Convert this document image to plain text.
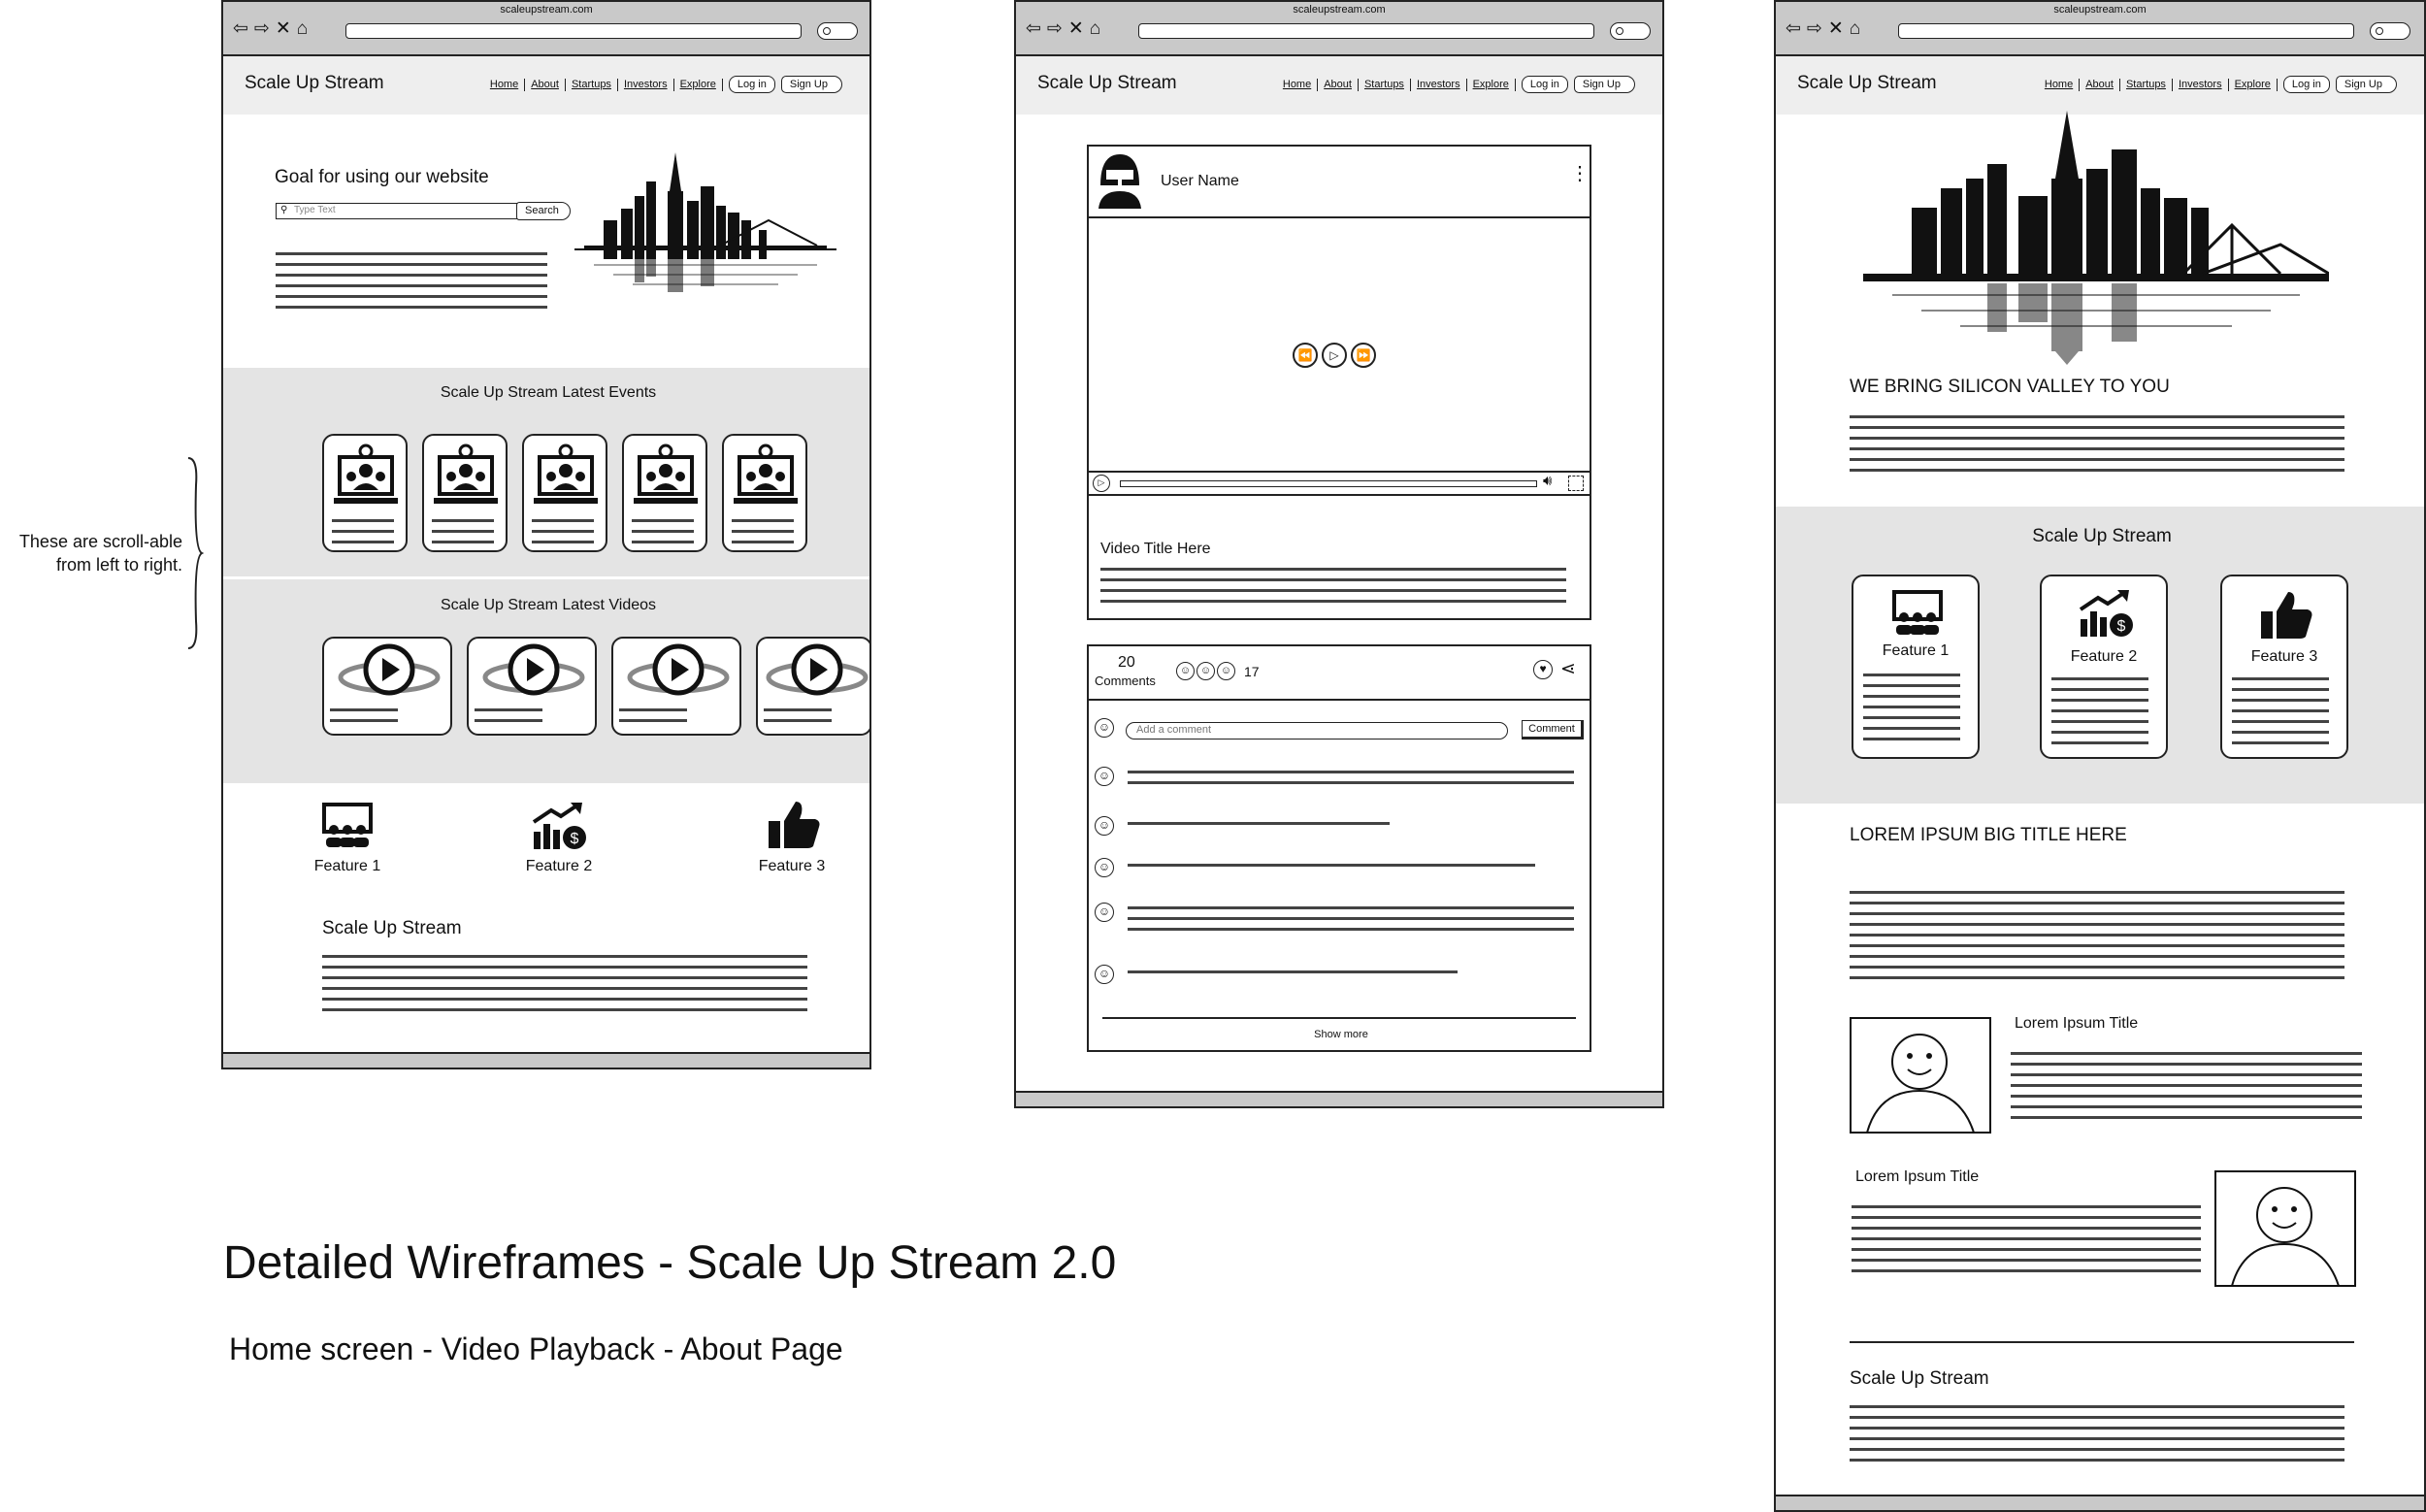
scaleupstream.com
⇦ ⇨ ✕ ⌂
Scale Up Stream	Home	About	Startups	Investors	Explore	Log in	Sign Up
Goal for using our website
⚲ Type Text	Search
Scale Up Stream Latest Events
Scale Up Stream Latest Videos
Feature 1
$
Feature 2	Feature 3
Scale Up Stream
These are scroll-able from left to right.
scaleupstream.com
⇦ ⇨ ✕ ⌂
Scale Up Stream	Home	About	Startups	Investors	Explore	Log in	Sign Up
User Name	⋮
⏪	▷	⏩
▷	🔊︎
Video Title Here
20
Comments
☺ ☺ ☺ 17	♥ ⋖
☺	Add a comment	Comment
☺
☺
☺
☺
☺
Show more
Detailed Wireframes - Scale Up Stream 2.0
Home screen - Video Playback - About Page
scaleupstream.com
⇦ ⇨ ✕ ⌂
Scale Up Stream	Home	About	Startups	Investors	Explore	Log in	Sign Up
WE BRING SILICON VALLEY TO YOU
Scale Up Stream
Feature 1
$
Feature 2	Feature 3
LOREM IPSUM BIG TITLE HERE
Lorem Ipsum Title
Lorem Ipsum Title
Scale Up Stream
